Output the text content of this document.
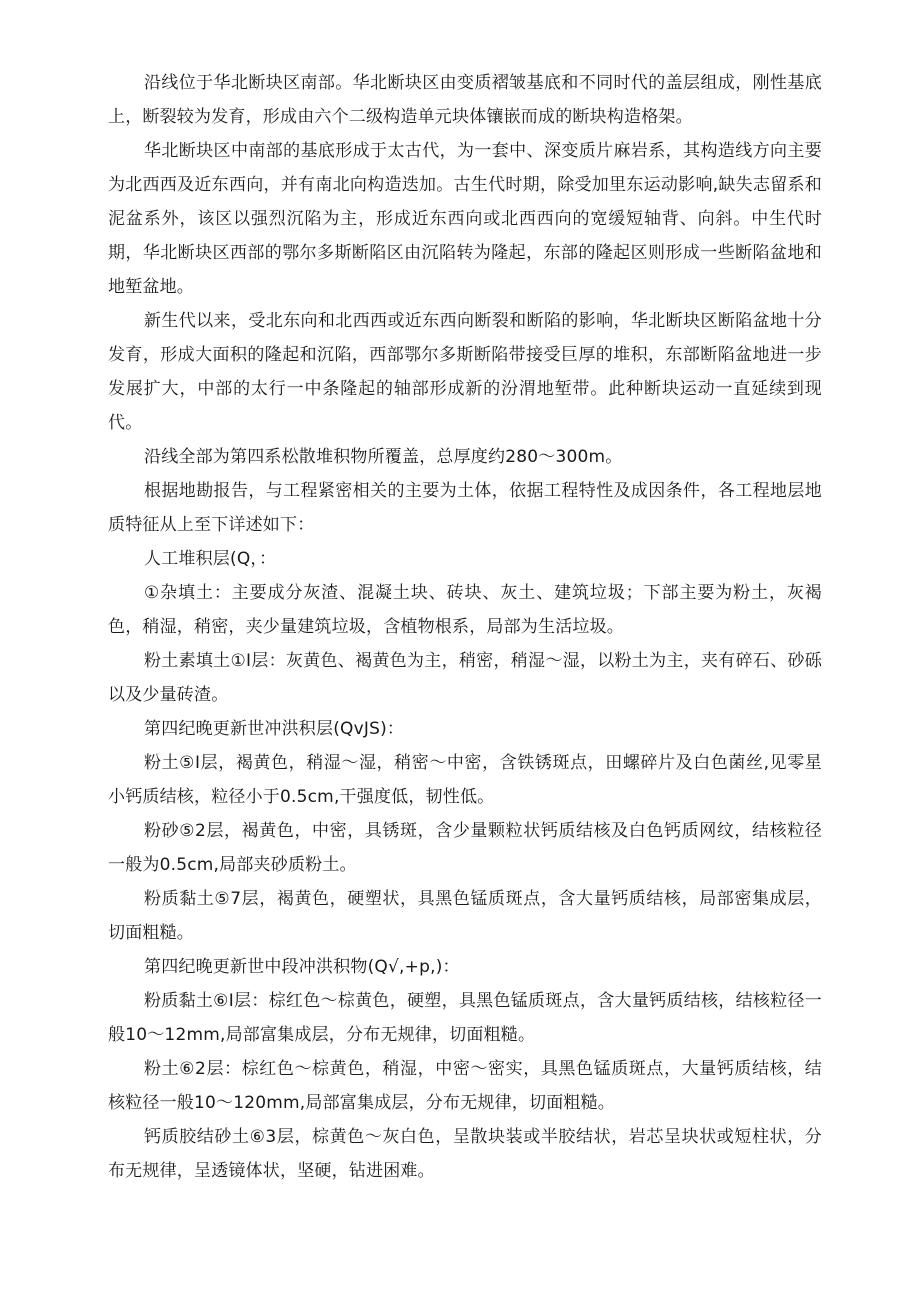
沿线位于华北断块区南部。华北断块区由变质褶皱基底和不同时代的盖层组成，刚性基底上，断裂较为发育，形成由六个二级构造单元块体镶嵌而成的断块构造格架。

华北断块区中南部的基底形成于太古代，为一套中、深变质片麻岩系，其构造线方向主要为北西西及近东西向，并有南北向构造迭加。古生代时期，除受加里东运动影响,缺失志留系和泥盆系外，该区以强烈沉陷为主，形成近东西向或北西西向的宽缓短轴背、向斜。中生代时期，华北断块区西部的鄂尔多斯断陷区由沉陷转为隆起，东部的隆起区则形成一些断陷盆地和地堑盆地。

新生代以来，受北东向和北西西或近东西向断裂和断陷的影响，华北断块区断陷盆地十分发育，形成大面积的隆起和沉陷，西部鄂尔多斯断陷带接受巨厚的堆积，东部断陷盆地进一步发展扩大，中部的太行一中条隆起的轴部形成新的汾渭地堑带。此种断块运动一直延续到现代。

沿线全部为第四系松散堆积物所覆盖，总厚度约280～300m。

根据地勘报告，与工程紧密相关的主要为土体，依据工程特性及成因条件，各工程地层地质特征从上至下详述如下：

人工堆积层(Q，：

①杂填土：主要成分灰渣、混凝土块、砖块、灰土、建筑垃圾；下部主要为粉土，灰褐色，稍湿，稍密，夹少量建筑垃圾，含植物根系，局部为生活垃圾。

粉土素填土①I层：灰黄色、褐黄色为主，稍密，稍湿〜湿，以粉土为主，夹有碎石、砂砾以及少量砖渣。

第四纪晚更新世冲洪积层(QvJS)：

粉土⑤I层，褐黄色，稍湿〜湿，稍密〜中密，含铁锈斑点，田螺碎片及白色菌丝,见零星小钙质结核，粒径小于0.5cm,干强度低，韧性低。

粉砂⑤2层，褐黄色，中密，具锈斑，含少量颗粒状钙质结核及白色钙质网纹，结核粒径一般为0.5cm,局部夹砂质粉土。

粉质黏土⑤7层，褐黄色，硬塑状，具黑色锰质斑点，含大量钙质结核，局部密集成层，切面粗糙。

第四纪晚更新世中段冲洪积物(Q√,+p,)：

粉质黏土⑥I层：棕红色〜棕黄色，硬塑，具黑色锰质斑点，含大量钙质结核，结核粒径一般10～12mm,局部富集成层，分布无规律，切面粗糙。

粉土⑥2层：棕红色〜棕黄色，稍湿，中密〜密实，具黑色锰质斑点，大量钙质结核，结核粒径一般10～120mm,局部富集成层，分布无规律，切面粗糙。

钙质胶结砂土⑥3层，棕黄色〜灰白色，呈散块装或半胶结状，岩芯呈块状或短柱状，分布无规律，呈透镜体状，坚硬，钻进困难。
